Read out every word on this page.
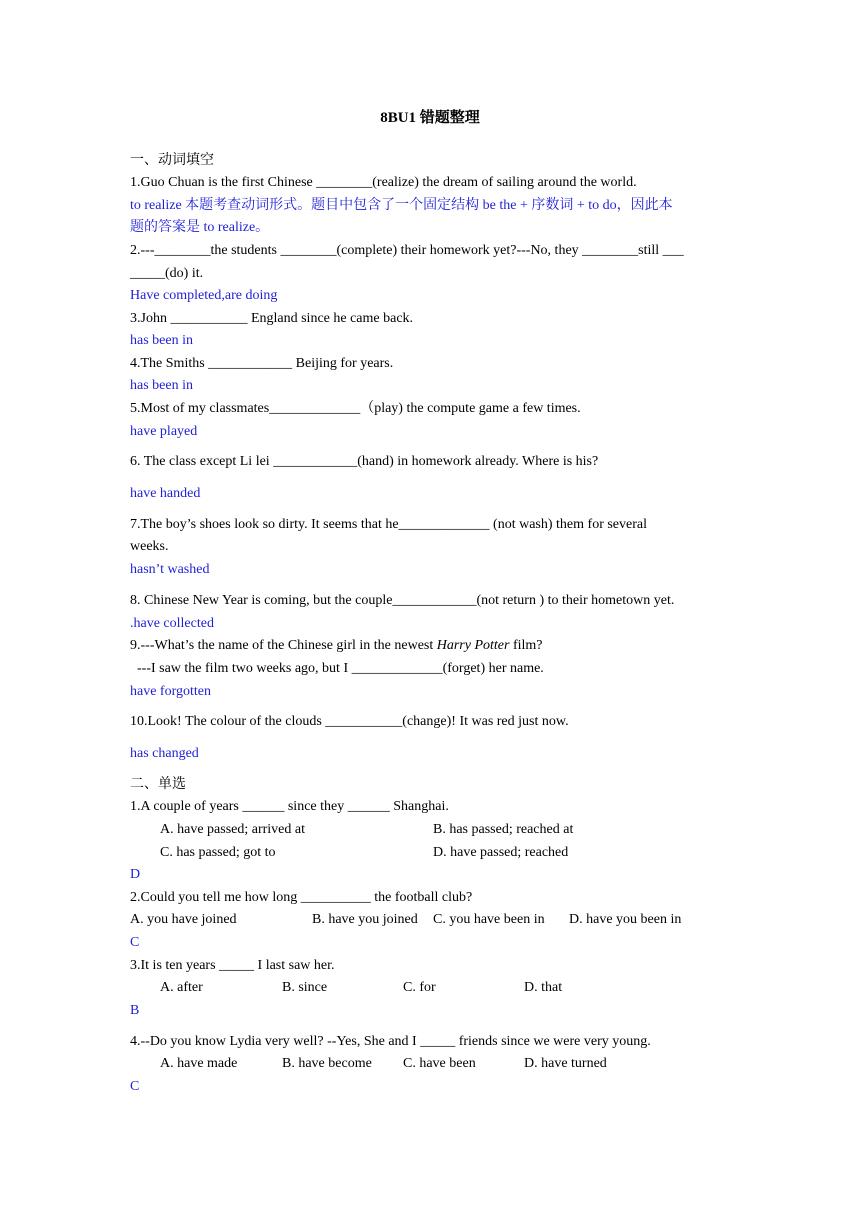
8BU1 错题整理
一、动词填空
1.Guo Chuan is the first Chinese ________(realize) the dream of sailing around the world.
to realize 本题考查动词形式。题目中包含了一个固定结构 be the + 序数词 + to do，因此本
题的答案是 to realize。
2.---________the students ________(complete) their homework yet?---No, they ________still ___
_____(do) it.
Have completed,are doing
3.John ___________ England since he came back.
has been in
4.The Smiths ____________ Beijing for years.
has been in
5.Most of my classmates_____________（play) the compute game a few times.
have played
6. The class except Li lei ____________(hand) in homework already. Where is his?
have handed
7.The boy’s shoes look so dirty. It seems that he_____________ (not wash) them for several
weeks.
hasn’t washed
8. Chinese New Year is coming, but the couple____________(not return ) to their hometown yet.
.have collected
9.---What’s the name of the Chinese girl in the newest Harry Potter film?
---I saw the film two weeks ago, but I _____________(forget) her name.
have forgotten
10.Look! The colour of the clouds ___________(change)! It was red just now.
has changed
二、单选
1.A couple of years ______ since they ______ Shanghai.
A. have passed; arrived at	B. has passed; reached at
C. has passed; got to	D. have passed; reached
D
2.Could you tell me how long __________ the football club?
A. you have joined	B. have you joined C. you have been in D. have you been in
C
3.It is ten years _____ I last saw her.
A. after	B. since	C. for	D. that
B
4.--Do you know Lydia very well? --Yes, She and I _____ friends since we were very young.
A. have made	B. have become C. have been	D. have turned
C
